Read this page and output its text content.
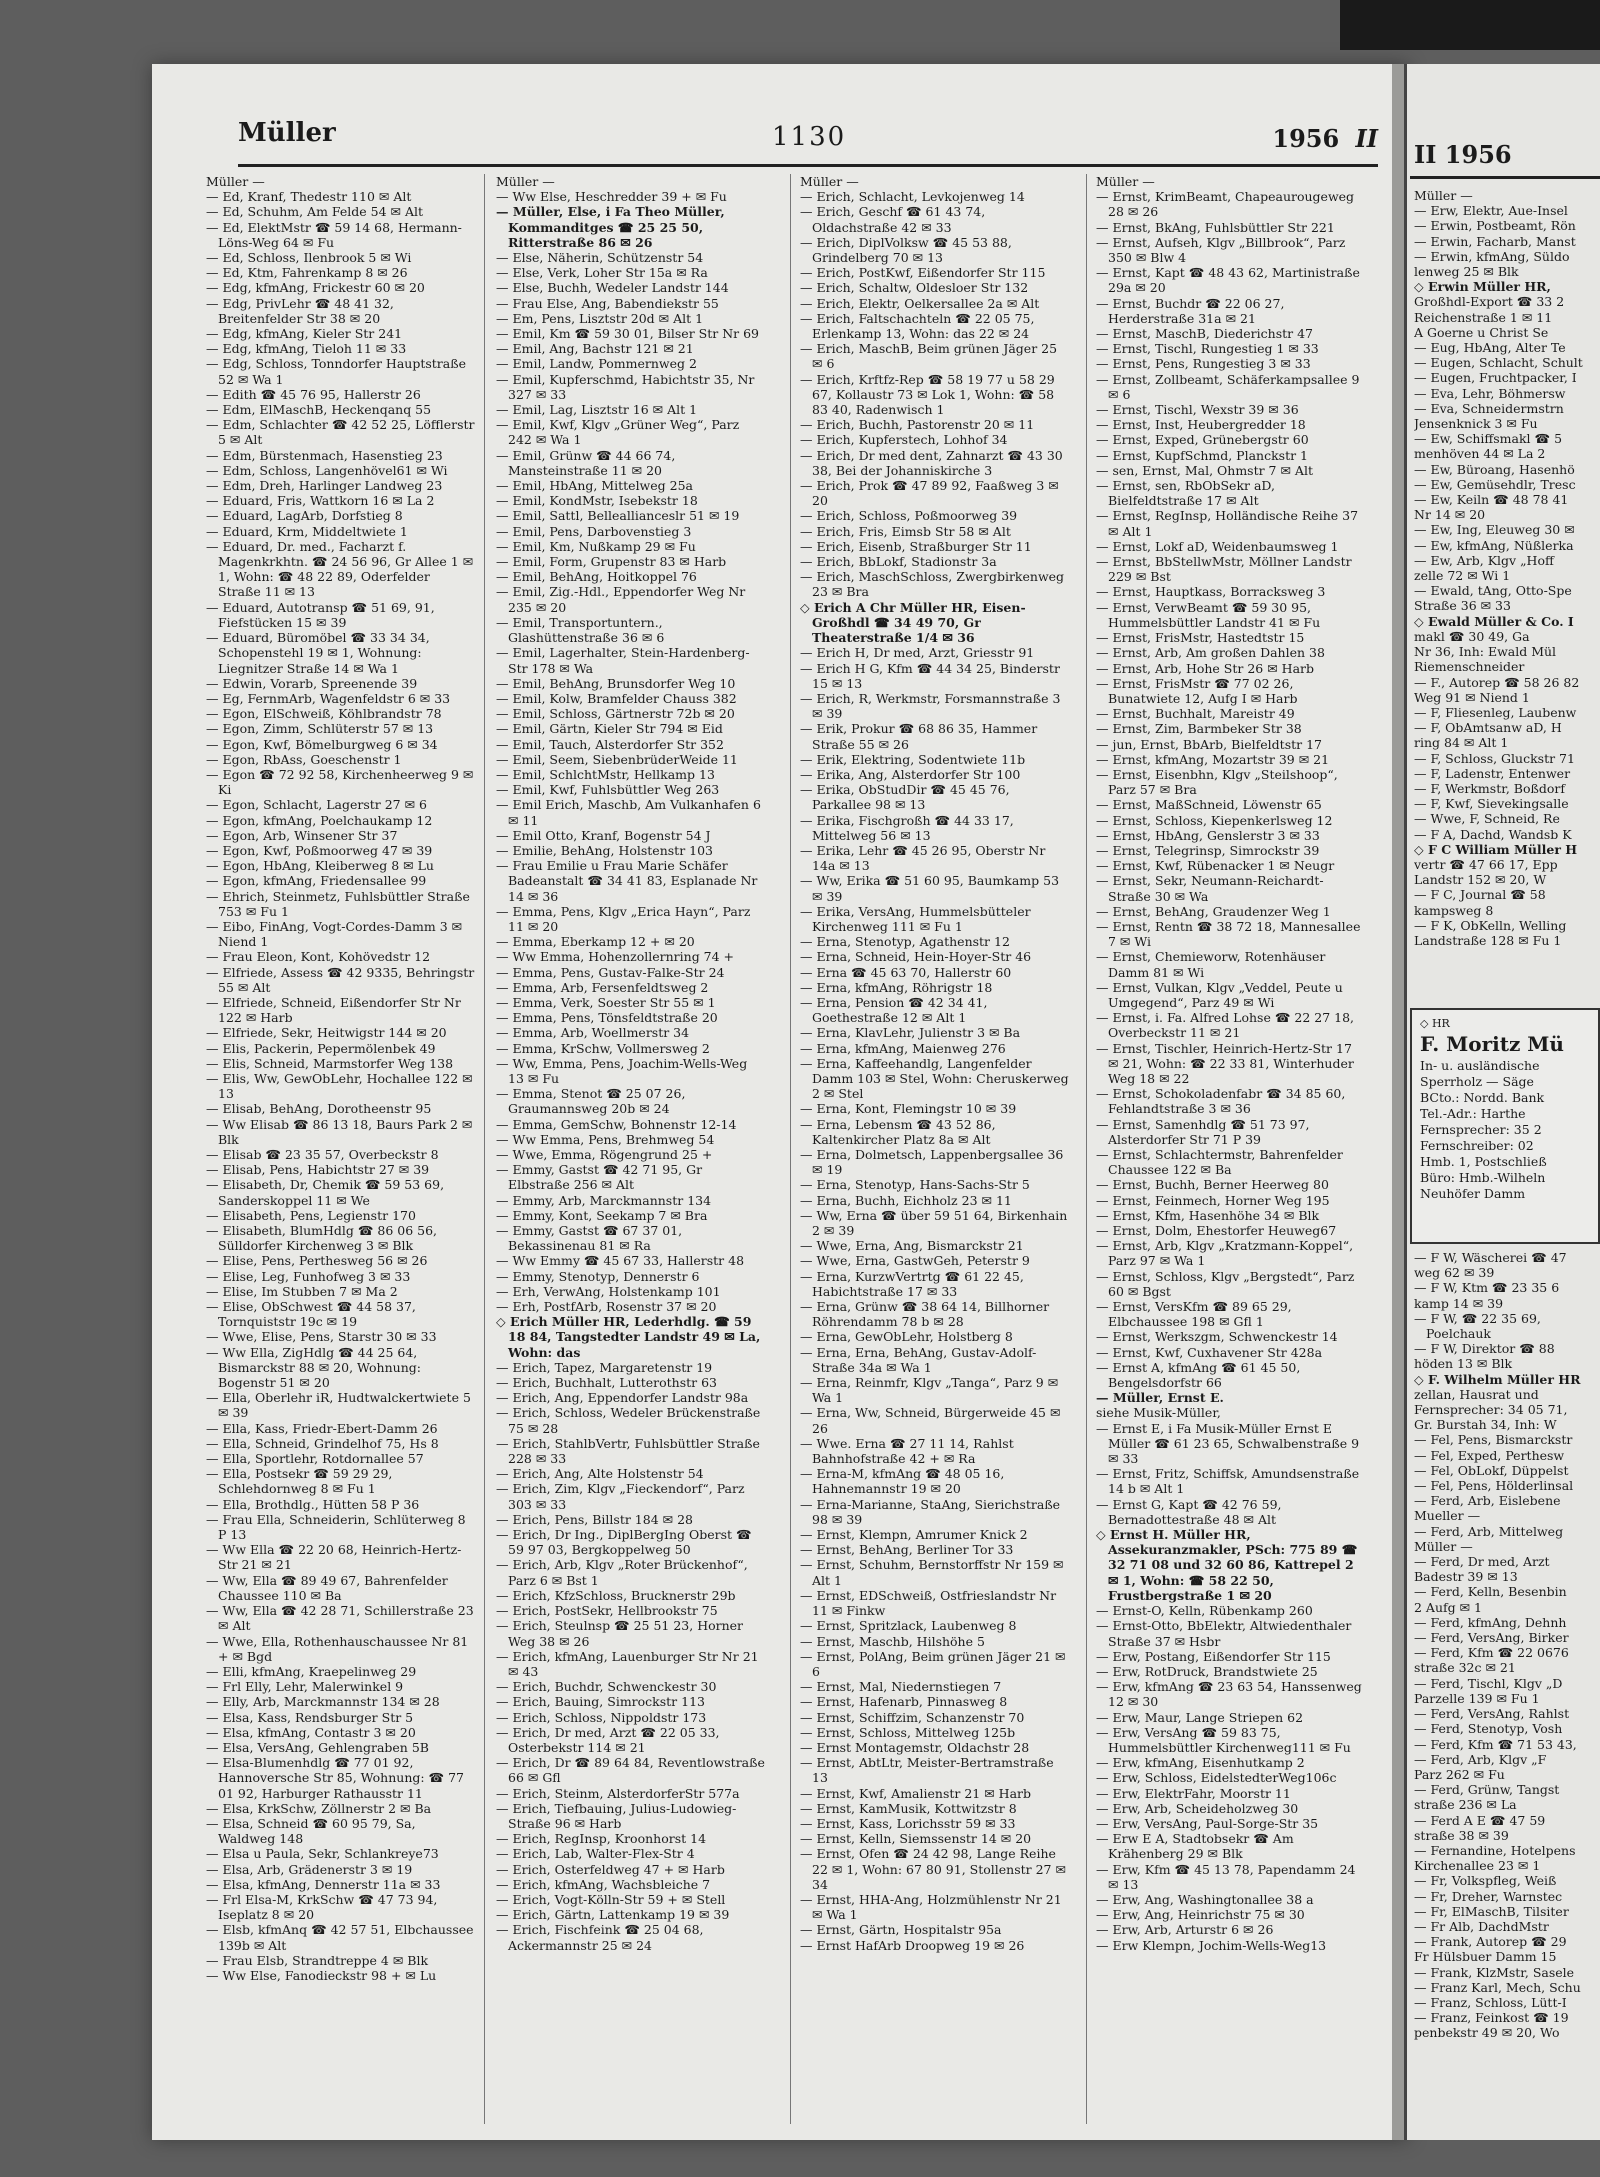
Müller	1130	1956 II
Müller —
— Ed, Kranf, Thedestr 110 ✉ Alt
— Ed, Schuhm, Am Felde 54 ✉ Alt
— Ed, ElektMstr ☎ 59 14 68, Hermann-Löns-Weg 64 ✉ Fu
— Ed, Schloss, Ilenbrook 5 ✉ Wi
— Ed, Ktm, Fahrenkamp 8 ✉ 26
— Edg, kfmAng, Frickestr 60 ✉ 20
— Edg, PrivLehr ☎ 48 41 32, Breitenfelder Str 38 ✉ 20
— Edg, kfmAng, Kieler Str 241
— Edg, kfmAng, Tieloh 11 ✉ 33
— Edg, Schloss, Tonndorfer Hauptstraße 52 ✉ Wa 1
— Edith ☎ 45 76 95, Hallerstr 26
— Edm, ElMaschB, Heckenqanq 55
— Edm, Schlachter ☎ 42 52 25, Löfflerstr 5 ✉ Alt
— Edm, Bürstenmach, Hasenstieg 23
— Edm, Schloss, Langenhövel61 ✉ Wi
— Edm, Dreh, Harlinger Landweg 23
— Eduard, Fris, Wattkorn 16 ✉ La 2
— Eduard, LagArb, Dorfstieg 8
— Eduard, Krm, Middeltwiete 1
— Eduard, Dr. med., Facharzt f. Magenkrkhtn. ☎ 24 56 96, Gr Allee 1 ✉ 1, Wohn: ☎ 48 22 89, Oderfelder Straße 11 ✉ 13
— Eduard, Autotransp ☎ 51 69, 91, Fiefstücken 15 ✉ 39
— Eduard, Büromöbel ☎ 33 34 34, Schopenstehl 19 ✉ 1, Wohnung: Liegnitzer Straße 14 ✉ Wa 1
— Edwin, Vorarb, Spreenende 39
— Eg, FernmArb, Wagenfeldstr 6 ✉ 33
— Egon, ElSchweiß, Köhlbrandstr 78
— Egon, Zimm, Schlüterstr 57 ✉ 13
— Egon, Kwf, Bömelburgweg 6 ✉ 34
— Egon, RbAss, Goeschenstr 1
— Egon ☎ 72 92 58, Kirchenheerweg 9 ✉ Ki
— Egon, Schlacht, Lagerstr 27 ✉ 6
— Egon, kfmAng, Poelchaukamp 12
— Egon, Arb, Winsener Str 37
— Egon, Kwf, Poßmoorweg 47 ✉ 39
— Egon, HbAng, Kleiberweg 8 ✉ Lu
— Egon, kfmAng, Friedensallee 99
— Ehrich, Steinmetz, Fuhlsbüttler Straße 753 ✉ Fu 1
— Eibo, FinAng, Vogt-Cordes-Damm 3 ✉ Niend 1
— Frau Eleon, Kont, Kohövedstr 12
— Elfriede, Assess ☎ 42 9335, Behringstr 55 ✉ Alt
— Elfriede, Schneid, Eißendorfer Str Nr 122 ✉ Harb
— Elfriede, Sekr, Heitwigstr 144 ✉ 20
— Elis, Packerin, Pepermölenbek 49
— Elis, Schneid, Marmstorfer Weg 138
— Elis, Ww, GewObLehr, Hochallee 122 ✉ 13
— Elisab, BehAng, Dorotheenstr 95
— Ww Elisab ☎ 86 13 18, Baurs Park 2 ✉ Blk
— Elisab ☎ 23 35 57, Overbeckstr 8
— Elisab, Pens, Habichtstr 27 ✉ 39
— Elisabeth, Dr, Chemik ☎ 59 53 69, Sanderskoppel 11 ✉ We
— Elisabeth, Pens, Legienstr 170
— Elisabeth, BlumHdlg ☎ 86 06 56, Sülldorfer Kirchenweg 3 ✉ Blk
— Elise, Pens, Perthesweg 56 ✉ 26
— Elise, Leg, Funhofweg 3 ✉ 33
— Elise, Im Stubben 7 ✉ Ma 2
— Elise, ObSchwest ☎ 44 58 37, Tornquiststr 19c ✉ 19
— Wwe, Elise, Pens, Starstr 30 ✉ 33
— Ww Ella, ZigHdlg ☎ 44 25 64, Bismarckstr 88 ✉ 20, Wohnung: Bogenstr 51 ✉ 20
— Ella, Oberlehr iR, Hudtwalckertwiete 5 ✉ 39
— Ella, Kass, Friedr-Ebert-Damm 26
— Ella, Schneid, Grindelhof 75, Hs 8
— Ella, Sportlehr, Rotdornallee 57
— Ella, Postsekr ☎ 59 29 29, Schlehdornweg 8 ✉ Fu 1
— Ella, Brothdlg., Hütten 58 P 36
— Frau Ella, Schneiderin, Schlüterweg 8 P 13
— Ww Ella ☎ 22 20 68, Heinrich-Hertz-Str 21 ✉ 21
— Ww, Ella ☎ 89 49 67, Bahrenfelder Chaussee 110 ✉ Ba
— Ww, Ella ☎ 42 28 71, Schillerstraße 23 ✉ Alt
— Wwe, Ella, Rothenhauschaussee Nr 81 + ✉ Bgd
— Elli, kfmAng, Kraepelinweg 29
— Frl Elly, Lehr, Malerwinkel 9
— Elly, Arb, Marckmannstr 134 ✉ 28
— Elsa, Kass, Rendsburger Str 5
— Elsa, kfmAng, Contastr 3 ✉ 20
— Elsa, VersAng, Gehlengraben 5B
— Elsa-Blumenhdlg ☎ 77 01 92, Hannoversche Str 85, Wohnung: ☎ 77 01 92, Harburger Rathausstr 11
— Elsa, KrkSchw, Zöllnerstr 2 ✉ Ba
— Elsa, Schneid ☎ 60 95 79, Sa, Waldweg 148
— Elsa u Paula, Sekr, Schlankreye73
— Elsa, Arb, Grädenerstr 3 ✉ 19
— Elsa, kfmAng, Dennerstr 11a ✉ 33
— Frl Elsa-M, KrkSchw ☎ 47 73 94, Iseplatz 8 ✉ 20
— Elsb, kfmAnq ☎ 42 57 51, Elbchaussee 139b ✉ Alt
— Frau Elsb, Strandtreppe 4 ✉ Blk
— Ww Else, Fanodieckstr 98 + ✉ Lu
Müller —
— Ww Else, Heschredder 39 + ✉ Fu
— Müller, Else, i Fa Theo Müller, Kommanditges ☎ 25 25 50, Ritterstraße 86 ✉ 26
— Else, Näherin, Schützenstr 54
— Else, Verk, Loher Str 15a ✉ Ra
— Else, Buchh, Wedeler Landstr 144
— Frau Else, Ang, Babendiekstr 55
— Em, Pens, Lisztstr 20d ✉ Alt 1
— Emil, Km ☎ 59 30 01, Bilser Str Nr 69
— Emil, Ang, Bachstr 121 ✉ 21
— Emil, Landw, Pommernweg 2
— Emil, Kupferschmd, Habichtstr 35, Nr 327 ✉ 33
— Emil, Lag, Lisztstr 16 ✉ Alt 1
— Emil, Kwf, Klgv „Grüner Weg“, Parz 242 ✉ Wa 1
— Emil, Grünw ☎ 44 66 74, Mansteinstraße 11 ✉ 20
— Emil, HbAng, Mittelweg 25a
— Emil, KondMstr, Isebekstr 18
— Emil, Sattl, Belleallianceslr 51 ✉ 19
— Emil, Pens, Darbovenstieg 3
— Emil, Km, Nußkamp 29 ✉ Fu
— Emil, Form, Grupenstr 83 ✉ Harb
— Emil, BehAng, Hoitkoppel 76
— Emil, Zig.-Hdl., Eppendorfer Weg Nr 235 ✉ 20
— Emil, Transportuntern., Glashüttenstraße 36 ✉ 6
— Emil, Lagerhalter, Stein-Hardenberg-Str 178 ✉ Wa
— Emil, BehAng, Brunsdorfer Weg 10
— Emil, Kolw, Bramfelder Chauss 382
— Emil, Schloss, Gärtnerstr 72b ✉ 20
— Emil, Gärtn, Kieler Str 794 ✉ Eid
— Emil, Tauch, Alsterdorfer Str 352
— Emil, Seem, SiebenbrüderWeide 11
— Emil, SchlchtMstr, Hellkamp 13
— Emil, Kwf, Fuhlsbüttler Weg 263
— Emil Erich, Maschb, Am Vulkanhafen 6 ✉ 11
— Emil Otto, Kranf, Bogenstr 54 J
— Emilie, BehAng, Holstenstr 103
— Frau Emilie u Frau Marie Schäfer Badeanstalt ☎ 34 41 83, Esplanade Nr 14 ✉ 36
— Emma, Pens, Klgv „Erica Hayn“, Parz 11 ✉ 20
— Emma, Eberkamp 12 + ✉ 20
— Ww Emma, Hohenzollernring 74 +
— Emma, Pens, Gustav-Falke-Str 24
— Emma, Arb, Fersenfeldtsweg 2
— Emma, Verk, Soester Str 55 ✉ 1
— Emma, Pens, Tönsfeldtstraße 20
— Emma, Arb, Woellmerstr 34
— Emma, KrSchw, Vollmersweg 2
— Ww, Emma, Pens, Joachim-Wells-Weg 13 ✉ Fu
— Emma, Stenot ☎ 25 07 26, Graumannsweg 20b ✉ 24
— Emma, GemSchw, Bohnenstr 12-14
— Ww Emma, Pens, Brehmweg 54
— Wwe, Emma, Rögengrund 25 +
— Emmy, Gastst ☎ 42 71 95, Gr Elbstraße 256 ✉ Alt
— Emmy, Arb, Marckmannstr 134
— Emmy, Kont, Seekamp 7 ✉ Bra
— Emmy, Gastst ☎ 67 37 01, Bekassinenau 81 ✉ Ra
— Ww Emmy ☎ 45 67 33, Hallerstr 48
— Emmy, Stenotyp, Dennerstr 6
— Erh, VerwAng, Holstenkamp 101
— Erh, PostfArb, Rosenstr 37 ✉ 20
◇ Erich Müller HR, Lederhdlg. ☎ 59 18 84, Tangstedter Landstr 49 ✉ La, Wohn: das
— Erich, Tapez, Margaretenstr 19
— Erich, Buchhalt, Lutterothstr 63
— Erich, Ang, Eppendorfer Landstr 98a
— Erich, Schloss, Wedeler Brückenstraße 75 ✉ 28
— Erich, StahlbVertr, Fuhlsbüttler Straße 228 ✉ 33
— Erich, Ang, Alte Holstenstr 54
— Erich, Zim, Klgv „Fieckendorf“, Parz 303 ✉ 33
— Erich, Pens, Billstr 184 ✉ 28
— Erich, Dr Ing., DiplBergIng Oberst ☎ 59 97 03, Bergkoppelweg 50
— Erich, Arb, Klgv „Roter Brückenhof“, Parz 6 ✉ Bst 1
— Erich, KfzSchloss, Brucknerstr 29b
— Erich, PostSekr, Hellbrookstr 75
— Erich, Steulnsp ☎ 25 51 23, Horner Weg 38 ✉ 26
— Erich, kfmAng, Lauenburger Str Nr 21 ✉ 43
— Erich, Buchdr, Schwenckestr 30
— Erich, Bauing, Simrockstr 113
— Erich, Schloss, Nippoldstr 173
— Erich, Dr med, Arzt ☎ 22 05 33, Osterbekstr 114 ✉ 21
— Erich, Dr ☎ 89 64 84, Reventlowstraße 66 ✉ Gfl
— Erich, Steinm, AlsterdorferStr 577a
— Erich, Tiefbauing, Julius-Ludowieg-Straße 96 ✉ Harb
— Erich, RegInsp, Kroonhorst 14
— Erich, Lab, Walter-Flex-Str 4
— Erich, Osterfeldweg 47 + ✉ Harb
— Erich, kfmAng, Wachsbleiche 7
— Erich, Vogt-Kölln-Str 59 + ✉ Stell
— Erich, Gärtn, Lattenkamp 19 ✉ 39
— Erich, Fischfeink ☎ 25 04 68, Ackermannstr 25 ✉ 24
Müller —
— Erich, Schlacht, Levkojenweg 14
— Erich, Geschf ☎ 61 43 74, Oldachstraße 42 ✉ 33
— Erich, DiplVolksw ☎ 45 53 88, Grindelberg 70 ✉ 13
— Erich, PostKwf, Eißendorfer Str 115
— Erich, Schaltw, Oldesloer Str 132
— Erich, Elektr, Oelkersallee 2a ✉ Alt
— Erich, Faltschachteln ☎ 22 05 75, Erlenkamp 13, Wohn: das 22 ✉ 24
— Erich, MaschB, Beim grünen Jäger 25 ✉ 6
— Erich, Krftfz-Rep ☎ 58 19 77 u 58 29 67, Kollaustr 73 ✉ Lok 1, Wohn: ☎ 58 83 40, Radenwisch 1
— Erich, Buchh, Pastorenstr 20 ✉ 11
— Erich, Kupferstech, Lohhof 34
— Erich, Dr med dent, Zahnarzt ☎ 43 30 38, Bei der Johanniskirche 3
— Erich, Prok ☎ 47 89 92, Faaßweg 3 ✉ 20
— Erich, Schloss, Poßmoorweg 39
— Erich, Fris, Eimsb Str 58 ✉ Alt
— Erich, Eisenb, Straßburger Str 11
— Erich, BbLokf, Stadionstr 3a
— Erich, MaschSchloss, Zwergbirkenweg 23 ✉ Bra
◇ Erich A Chr Müller HR, Eisen-Großhdl ☎ 34 49 70, Gr Theaterstraße 1/4 ✉ 36
— Erich H, Dr med, Arzt, Griesstr 91
— Erich H G, Kfm ☎ 44 34 25, Binderstr 15 ✉ 13
— Erich, R, Werkmstr, Forsmannstraße 3 ✉ 39
— Erik, Prokur ☎ 68 86 35, Hammer Straße 55 ✉ 26
— Erik, Elektring, Sodentwiete 11b
— Erika, Ang, Alsterdorfer Str 100
— Erika, ObStudDir ☎ 45 45 76, Parkallee 98 ✉ 13
— Erika, Fischgroßh ☎ 44 33 17, Mittelweg 56 ✉ 13
— Erika, Lehr ☎ 45 26 95, Oberstr Nr 14a ✉ 13
— Ww, Erika ☎ 51 60 95, Baumkamp 53 ✉ 39
— Erika, VersAng, Hummelsbütteler Kirchenweg 111 ✉ Fu 1
— Erna, Stenotyp, Agathenstr 12
— Erna, Schneid, Hein-Hoyer-Str 46
— Erna ☎ 45 63 70, Hallerstr 60
— Erna, kfmAng, Röhrigstr 18
— Erna, Pension ☎ 42 34 41, Goethestraße 12 ✉ Alt 1
— Erna, KlavLehr, Julienstr 3 ✉ Ba
— Erna, kfmAng, Maienweg 276
— Erna, Kaffeehandlg, Langenfelder Damm 103 ✉ Stel, Wohn: Cheruskerweg 2 ✉ Stel
— Erna, Kont, Flemingstr 10 ✉ 39
— Erna, Lebensm ☎ 43 52 86, Kaltenkircher Platz 8a ✉ Alt
— Erna, Dolmetsch, Lappenbergsallee 36 ✉ 19
— Erna, Stenotyp, Hans-Sachs-Str 5
— Erna, Buchh, Eichholz 23 ✉ 11
— Ww, Erna ☎ über 59 51 64, Birkenhain 2 ✉ 39
— Wwe, Erna, Ang, Bismarckstr 21
— Wwe, Erna, GastwGeh, Peterstr 9
— Erna, KurzwVertrtg ☎ 61 22 45, Habichtstraße 17 ✉ 33
— Erna, Grünw ☎ 38 64 14, Billhorner Röhrendamm 78 b ✉ 28
— Erna, GewObLehr, Holstberg 8
— Erna, Erna, BehAng, Gustav-Adolf-Straße 34a ✉ Wa 1
— Erna, Reinmfr, Klgv „Tanga“, Parz 9 ✉ Wa 1
— Erna, Ww, Schneid, Bürgerweide 45 ✉ 26
— Wwe. Erna ☎ 27 11 14, Rahlst Bahnhofstraße 42 + ✉ Ra
— Erna-M, kfmAng ☎ 48 05 16, Hahnemannstr 19 ✉ 20
— Erna-Marianne, StaAng, Sierichstraße 98 ✉ 39
— Ernst, Klempn, Amrumer Knick 2
— Ernst, BehAng, Berliner Tor 33
— Ernst, Schuhm, Bernstorffstr Nr 159 ✉ Alt 1
— Ernst, EDSchweiß, Ostfrieslandstr Nr 11 ✉ Finkw
— Ernst, Spritzlack, Laubenweg 8
— Ernst, Maschb, Hilshöhe 5
— Ernst, PolAng, Beim grünen Jäger 21 ✉ 6
— Ernst, Mal, Niedernstiegen 7
— Ernst, Hafenarb, Pinnasweg 8
— Ernst, Schiffzim, Schanzenstr 70
— Ernst, Schloss, Mittelweg 125b
— Ernst Montagemstr, Oldachstr 28
— Ernst, AbtLtr, Meister-Bertramstraße 13
— Ernst, Kwf, Amalienstr 21 ✉ Harb
— Ernst, KamMusik, Kottwitzstr 8
— Ernst, Kass, Lorichsstr 59 ✉ 33
— Ernst, Kelln, Siemssenstr 14 ✉ 20
— Ernst, Ofen ☎ 24 42 98, Lange Reihe 22 ✉ 1, Wohn: 67 80 91, Stollenstr 27 ✉ 34
— Ernst, HHA-Ang, Holzmühlenstr Nr 21 ✉ Wa 1
— Ernst, Gärtn, Hospitalstr 95a
— Ernst HafArb Droopweg 19 ✉ 26
Müller —
— Ernst, KrimBeamt, Chapeaurougeweg 28 ✉ 26
— Ernst, BkAng, Fuhlsbüttler Str 221
— Ernst, Aufseh, Klgv „Billbrook“, Parz 350 ✉ Blw 4
— Ernst, Kapt ☎ 48 43 62, Martinistraße 29a ✉ 20
— Ernst, Buchdr ☎ 22 06 27, Herderstraße 31a ✉ 21
— Ernst, MaschB, Diederichstr 47
— Ernst, Tischl, Rungestieg 1 ✉ 33
— Ernst, Pens, Rungestieg 3 ✉ 33
— Ernst, Zollbeamt, Schäferkampsallee 9 ✉ 6
— Ernst, Tischl, Wexstr 39 ✉ 36
— Ernst, Inst, Heubergredder 18
— Ernst, Exped, Grünebergstr 60
— Ernst, KupfSchmd, Planckstr 1
— sen, Ernst, Mal, Ohmstr 7 ✉ Alt
— Ernst, sen, RbObSekr aD, Bielfeldtstraße 17 ✉ Alt
— Ernst, RegInsp, Holländische Reihe 37 ✉ Alt 1
— Ernst, Lokf aD, Weidenbaumsweg 1
— Ernst, BbStellwMstr, Möllner Landstr 229 ✉ Bst
— Ernst, Hauptkass, Borracksweg 3
— Ernst, VerwBeamt ☎ 59 30 95, Hummelsbüttler Landstr 41 ✉ Fu
— Ernst, FrisMstr, Hastedtstr 15
— Ernst, Arb, Am großen Dahlen 38
— Ernst, Arb, Hohe Str 26 ✉ Harb
— Ernst, FrisMstr ☎ 77 02 26, Bunatwiete 12, Aufg I ✉ Harb
— Ernst, Buchhalt, Mareistr 49
— Ernst, Zim, Barmbeker Str 38
— jun, Ernst, BbArb, Bielfeldtstr 17
— Ernst, kfmAng, Mozartstr 39 ✉ 21
— Ernst, Eisenbhn, Klgv „Steilshoop“, Parz 57 ✉ Bra
— Ernst, MaßSchneid, Löwenstr 65
— Ernst, Schloss, Kiepenkerlsweg 12
— Ernst, HbAng, Genslerstr 3 ✉ 33
— Ernst, Telegrinsp, Simrockstr 39
— Ernst, Kwf, Rübenacker 1 ✉ Neugr
— Ernst, Sekr, Neumann-Reichardt-Straße 30 ✉ Wa
— Ernst, BehAng, Graudenzer Weg 1
— Ernst, Rentn ☎ 38 72 18, Mannesallee 7 ✉ Wi
— Ernst, Chemieworw, Rotenhäuser Damm 81 ✉ Wi
— Ernst, Vulkan, Klgv „Veddel, Peute u Umgegend“, Parz 49 ✉ Wi
— Ernst, i. Fa. Alfred Lohse ☎ 22 27 18, Overbeckstr 11 ✉ 21
— Ernst, Tischler, Heinrich-Hertz-Str 17 ✉ 21, Wohn: ☎ 22 33 81, Winterhuder Weg 18 ✉ 22
— Ernst, Schokoladenfabr ☎ 34 85 60, Fehlandtstraße 3 ✉ 36
— Ernst, Samenhdlg ☎ 51 73 97, Alsterdorfer Str 71 P 39
— Ernst, Schlachtermstr, Bahrenfelder Chaussee 122 ✉ Ba
— Ernst, Buchh, Berner Heerweg 80
— Ernst, Feinmech, Horner Weg 195
— Ernst, Kfm, Hasenhöhe 34 ✉ Blk
— Ernst, Dolm, Ehestorfer Heuweg67
— Ernst, Arb, Klgv „Kratzmann-Koppel“, Parz 97 ✉ Wa 1
— Ernst, Schloss, Klgv „Bergstedt“, Parz 60 ✉ Bgst
— Ernst, VersKfm ☎ 89 65 29, Elbchaussee 198 ✉ Gfl 1
— Ernst, Werkszgm, Schwenckestr 14
— Ernst, Kwf, Cuxhavener Str 428a
— Ernst A, kfmAng ☎ 61 45 50, Bengelsdorfstr 66
— Müller, Ernst E.
siehe Musik-Müller,
— Ernst E, i Fa Musik-Müller Ernst E Müller ☎ 61 23 65, Schwalbenstraße 9 ✉ 33
— Ernst, Fritz, Schiffsk, Amundsenstraße 14 b ✉ Alt 1
— Ernst G, Kapt ☎ 42 76 59, Bernadottestraße 48 ✉ Alt
◇ Ernst H. Müller HR, Assekuranzmakler, PSch: 775 89 ☎ 32 71 08 und 32 60 86, Kattrepel 2 ✉ 1, Wohn: ☎ 58 22 50, Frustbergstraße 1 ✉ 20
— Ernst-O, Kelln, Rübenkamp 260
— Ernst-Otto, BbElektr, Altwiedenthaler Straße 37 ✉ Hsbr
— Erw, Postang, Eißendorfer Str 115
— Erw, RotDruck, Brandstwiete 25
— Erw, kfmAng ☎ 23 63 54, Hanssenweg 12 ✉ 30
— Erw, Maur, Lange Striepen 62
— Erw, VersAng ☎ 59 83 75, Hummelsbüttler Kirchenweg111 ✉ Fu
— Erw, kfmAng, Eisenhutkamp 2
— Erw, Schloss, EidelstedterWeg106c
— Erw, ElektrFahr, Moorstr 11
— Erw, Arb, Scheideholzweg 30
— Erw, VersAng, Paul-Sorge-Str 35
— Erw E A, Stadtobsekr ☎ Am Krähenberg 29 ✉ Blk
— Erw, Kfm ☎ 45 13 78, Papendamm 24 ✉ 13
— Erw, Ang, Washingtonallee 38 a
— Erw, Ang, Heinrichstr 75 ✉ 30
— Erw, Arb, Arturstr 6 ✉ 26
— Erw Klempn, Jochim-Wells-Weg13
II 1956
Müller —
— Erw, Elektr, Aue-Insel
— Erwin, Postbeamt, Rön
— Erwin, Facharb, Manst
— Erwin, kfmAng, Süldo
lenweg 25 ✉ Blk
◇ Erwin Müller HR,
Großhdl-Export ☎ 33 2
Reichenstraße 1 ✉ 11
A Goerne u Christ Se
— Eug, HbAng, Alter Te
— Eugen, Schlacht, Schult
— Eugen, Fruchtpacker, I
— Eva, Lehr, Böhmersw
— Eva, Schneidermstrn
Jensenknick 3 ✉ Fu
— Ew, Schiffsmakl ☎ 5
menhöven 44 ✉ La 2
— Ew, Büroang, Hasenhö
— Ew, Gemüsehdlr, Tresc
— Ew, Keiln ☎ 48 78 41
Nr 14 ✉ 20
— Ew, Ing, Eleuweg 30 ✉
— Ew, kfmAng, Nüßlerka
— Ew, Arb, Klgv „Hoff
zelle 72 ✉ Wi 1
— Ewald, tAng, Otto-Spe
Straße 36 ✉ 33
◇ Ewald Müller & Co. I
makl ☎ 30 49, Ga
Nr 36, Inh: Ewald Mül
Riemenschneider
— F., Autorep ☎ 58 26 82
Weg 91 ✉ Niend 1
— F, Fliesenleg, Laubenw
— F, ObAmtsanw aD, H
ring 84 ✉ Alt 1
— F, Schloss, Gluckstr 71
— F, Ladenstr, Entenwer
— F, Werkmstr, Boßdorf
— F, Kwf, Sievekingsalle
— Wwe, F, Schneid, Re
— F A, Dachd, Wandsb K
◇ F C William Müller H
vertr ☎ 47 66 17, Epp
Landstr 152 ✉ 20, W
— F C, Journal ☎ 58
kampsweg 8
— F K, ObKelln, Welling
Landstraße 128 ✉ Fu 1
◇ HR
F. Moritz Mü
In- u. ausländische
Sperrholz — Säge
BCto.: Nordd. Bank
Tel.-Adr.: Harthe
Fernsprecher: 35 2
Fernschreiber: 02
Hmb. 1, Postschließ
Büro: Hmb.-Wilheln
Neuhöfer Damm
— F W, Wäscherei ☎ 47
weg 62 ✉ 39
— F W, Ktm ☎ 23 35 6
kamp 14 ✉ 39
— F W, ☎ 22 35 69, Poelchauk
— F W, Direktor ☎ 88
höden 13 ✉ Blk
◇ F. Wilhelm Müller HR
zellan, Hausrat und
Fernsprecher: 34 05 71,
Gr. Burstah 34, Inh: W
— Fel, Pens, Bismarckstr
— Fel, Exped, Perthesw
— Fel, ObLokf, Düppelst
— Fel, Pens, Hölderlinsal
— Ferd, Arb, Eislebene
Mueller —
— Ferd, Arb, Mittelweg
Müller —
— Ferd, Dr med, Arzt
Badestr 39 ✉ 13
— Ferd, Kelln, Besenbin
2 Aufg ✉ 1
— Ferd, kfmAng, Dehnh
— Ferd, VersAng, Birker
— Ferd, Kfm ☎ 22 0676
straße 32c ✉ 21
— Ferd, Tischl, Klgv „D
Parzelle 139 ✉ Fu 1
— Ferd, VersAng, Rahlst
— Ferd, Stenotyp, Vosh
— Ferd, Kfm ☎ 71 53 43,
— Ferd, Arb, Klgv „F
Parz 262 ✉ Fu
— Ferd, Grünw, Tangst
straße 236 ✉ La
— Ferd A E ☎ 47 59
straße 38 ✉ 39
— Fernandine, Hotelpens
Kirchenallee 23 ✉ 1
— Fr, Volkspfleg, Weiß
— Fr, Dreher, Warnstec
— Fr, ElMaschB, Tilsiter
— Fr Alb, DachdMstr
— Frank, Autorep ☎ 29
Fr Hülsbuer Damm 15
— Frank, KlzMstr, Sasele
— Franz Karl, Mech, Schu
— Franz, Schloss, Lütt-I
— Franz, Feinkost ☎ 19
penbekstr 49 ✉ 20, Wo
